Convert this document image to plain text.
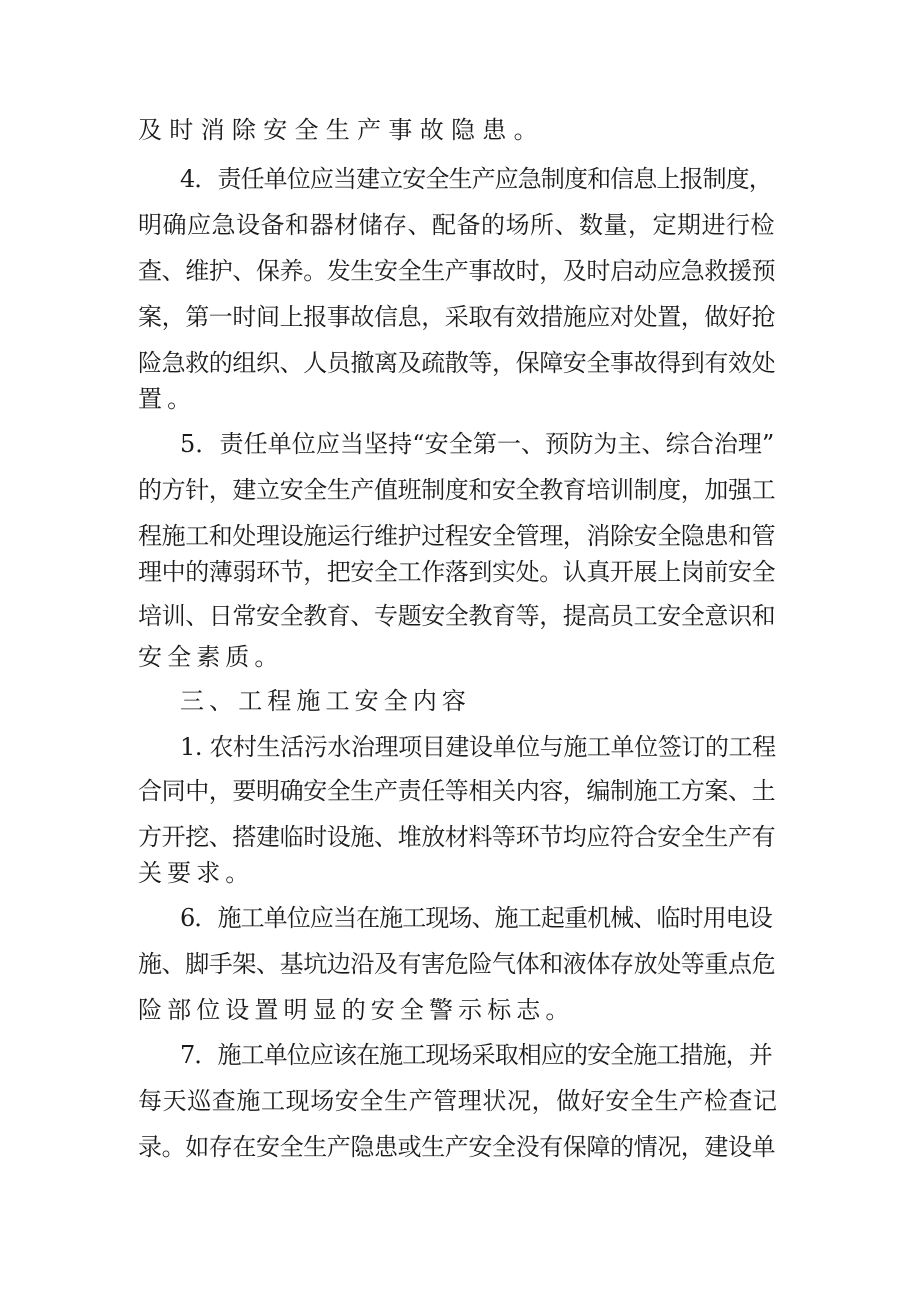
及时消除安全生产事故隐患。

4．责任单位应当建立安全生产应急制度和信息上报制度，

明确应急设备和器材储存、配备的场所、数量，定期进行检

查、维护、保养。发生安全生产事故时，及时启动应急救援预

案，第一时间上报事故信息，采取有效措施应对处置，做好抢

险急救的组织、人员撤离及疏散等，保障安全事故得到有效处

置。

5．责任单位应当坚持“安全第一、预防为主、综合治理”

的方针，建立安全生产值班制度和安全教育培训制度，加强工

程施工和处理设施运行维护过程安全管理，消除安全隐患和管

理中的薄弱环节，把安全工作落到实处。认真开展上岗前安全

培训、日常安全教育、专题安全教育等，提高员工安全意识和

安全素质。

三、工程施工安全内容

1. 农村生活污水治理项目建设单位与施工单位签订的工程

合同中，要明确安全生产责任等相关内容，编制施工方案、土

方开挖、搭建临时设施、堆放材料等环节均应符合安全生产有

关要求。

6．施工单位应当在施工现场、施工起重机械、临时用电设

施、脚手架、基坑边沿及有害危险气体和液体存放处等重点危

险部位设置明显的安全警示标志。

7．施工单位应该在施工现场采取相应的安全施工措施，并

每天巡查施工现场安全生产管理状况，做好安全生产检查记

录。如存在安全生产隐患或生产安全没有保障的情况，建设单
